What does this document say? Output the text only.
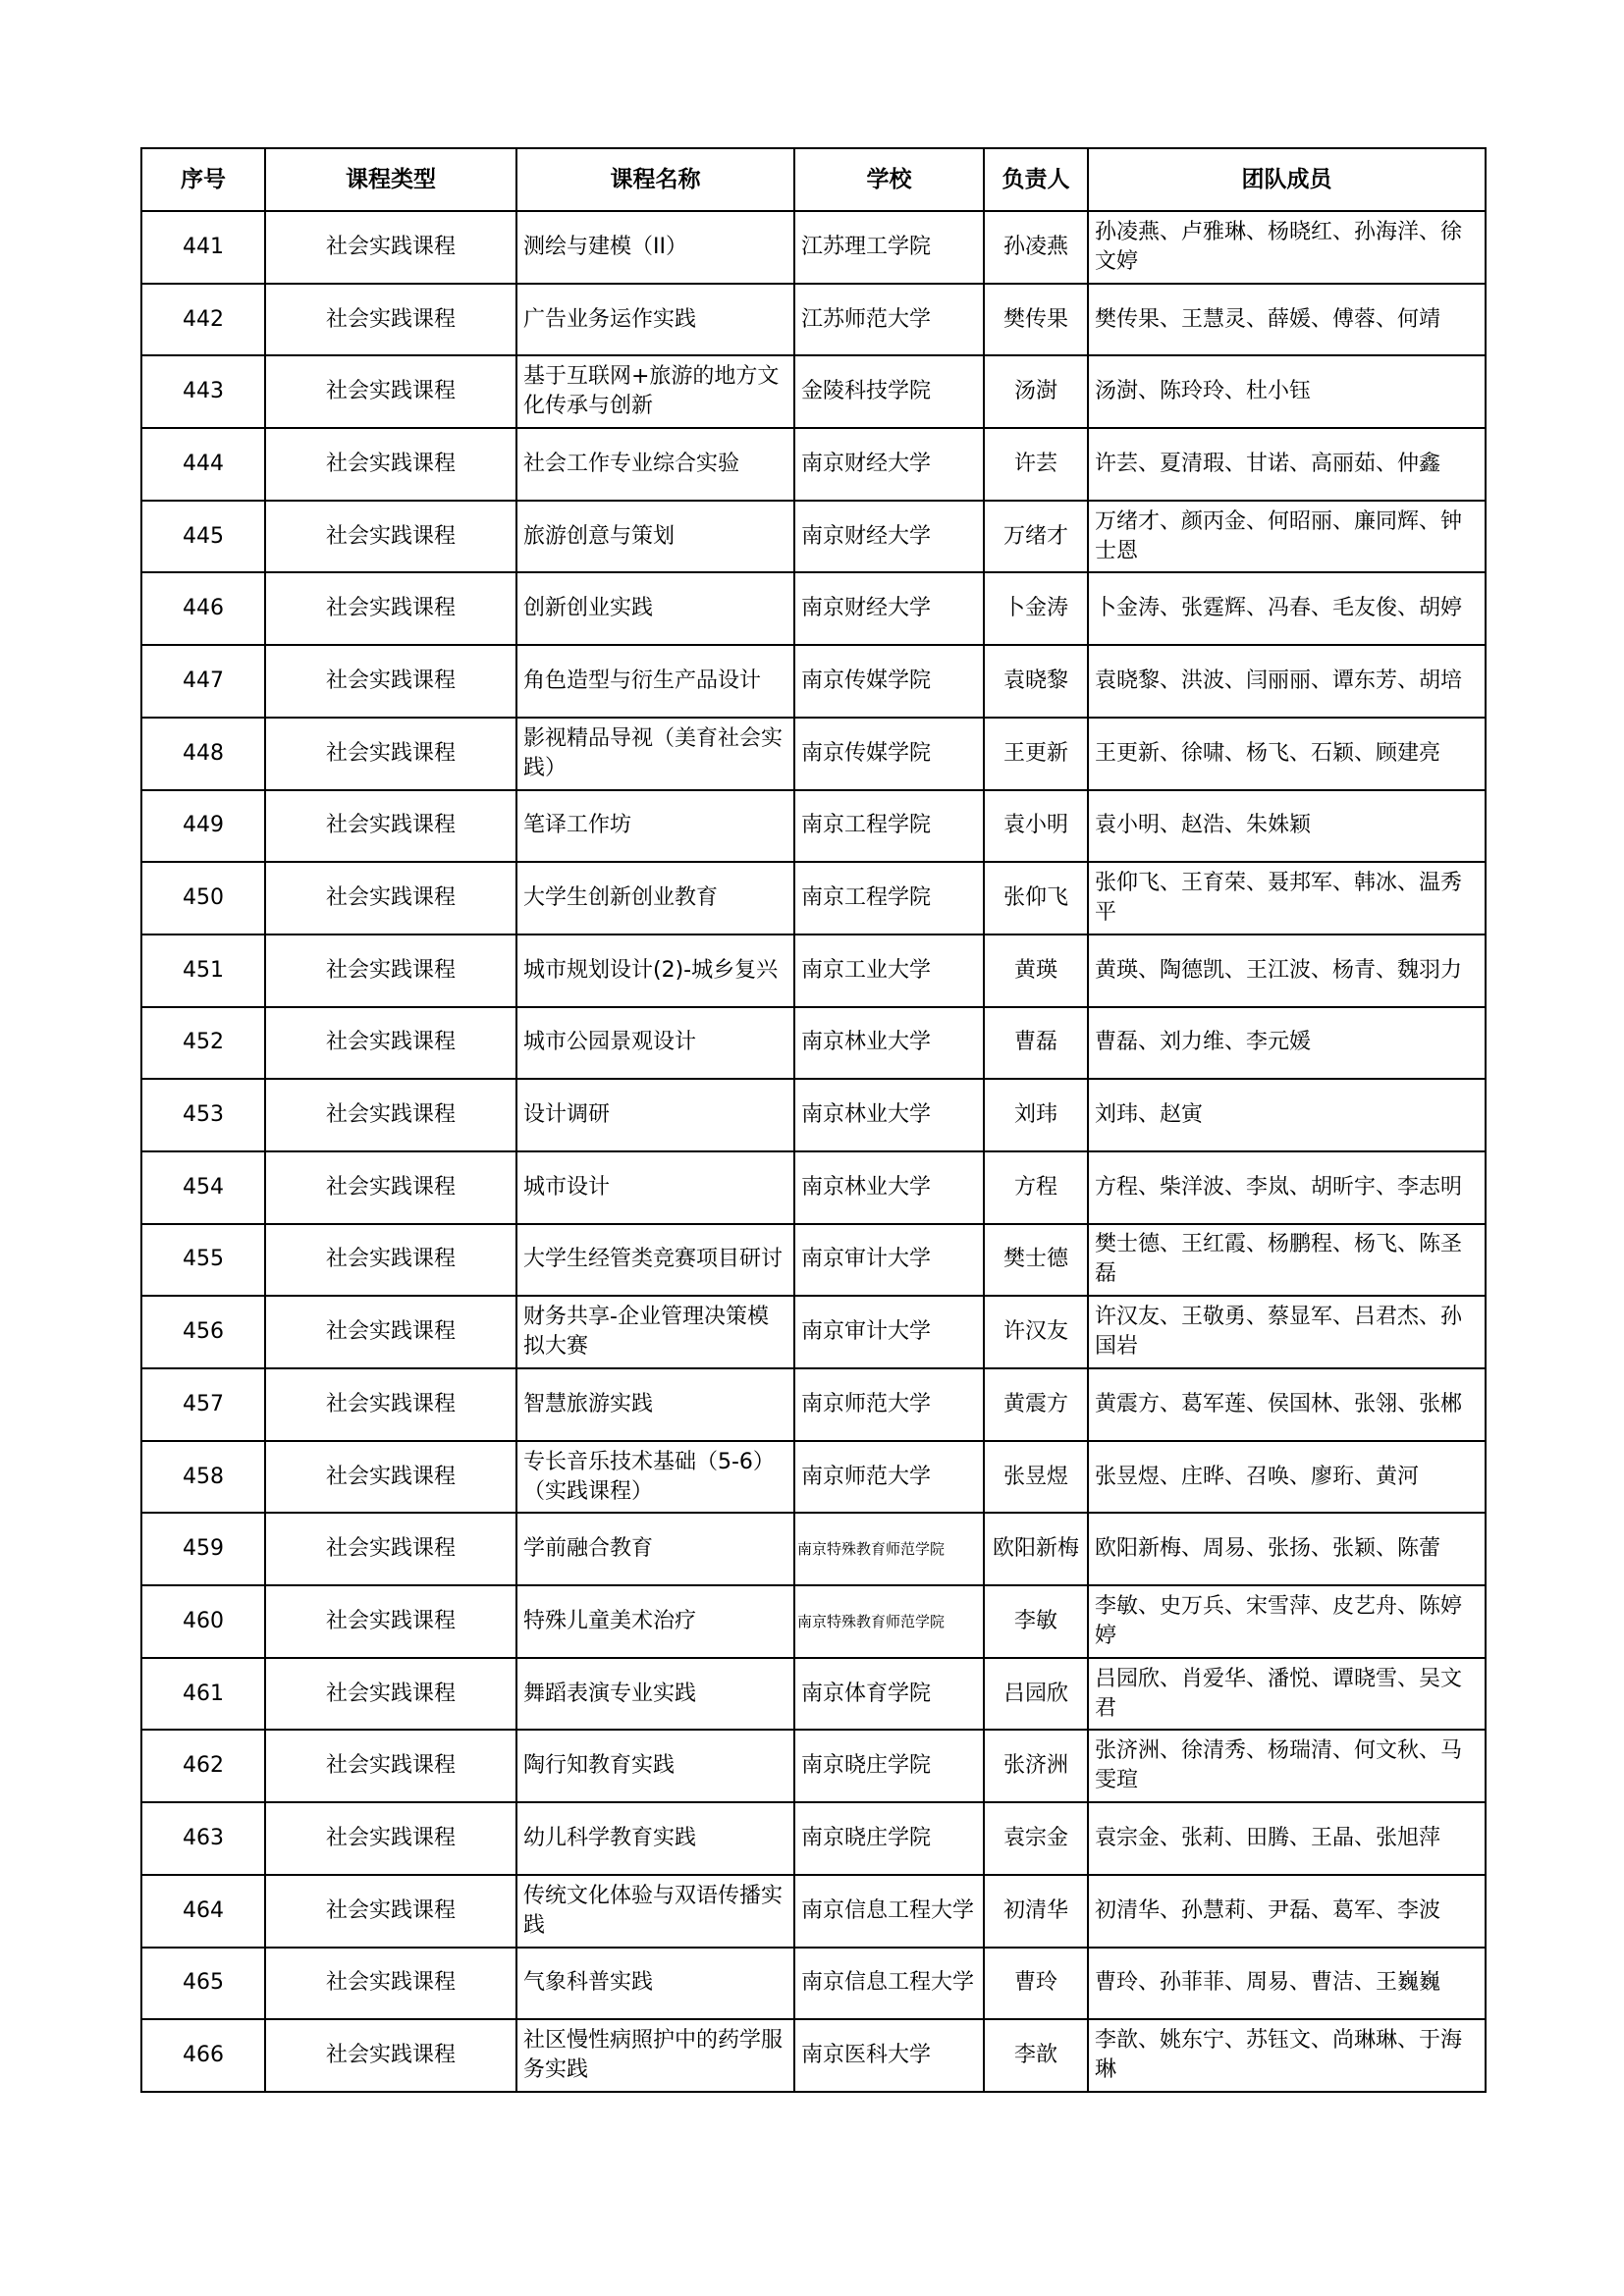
序号	课程类型	课程名称	学校	负责人	团队成员
441	社会实践课程	测绘与建模（II）	江苏理工学院	孙凌燕	孙凌燕、卢雅琳、杨晓红、孙海洋、徐文婷
442	社会实践课程	广告业务运作实践	江苏师范大学	樊传果	樊传果、王慧灵、薛媛、傅蓉、何靖
443	社会实践课程	基于互联网+旅游的地方文化传承与创新	金陵科技学院	汤澍	汤澍、陈玲玲、杜小钰
444	社会实践课程	社会工作专业综合实验	南京财经大学	许芸	许芸、夏清瑕、甘诺、高丽茹、仲鑫
445	社会实践课程	旅游创意与策划	南京财经大学	万绪才	万绪才、颜丙金、何昭丽、廉同辉、钟士恩
446	社会实践课程	创新创业实践	南京财经大学	卜金涛	卜金涛、张霆辉、冯春、毛友俊、胡婷
447	社会实践课程	角色造型与衍生产品设计	南京传媒学院	袁晓黎	袁晓黎、洪波、闫丽丽、谭东芳、胡培
448	社会实践课程	影视精品导视（美育社会实践）	南京传媒学院	王更新	王更新、徐啸、杨飞、石颖、顾建亮
449	社会实践课程	笔译工作坊	南京工程学院	袁小明	袁小明、赵浩、朱姝颖
450	社会实践课程	大学生创新创业教育	南京工程学院	张仰飞	张仰飞、王育荣、聂邦军、韩冰、温秀平
451	社会实践课程	城市规划设计(2)-城乡复兴	南京工业大学	黄瑛	黄瑛、陶德凯、王江波、杨青、魏羽力
452	社会实践课程	城市公园景观设计	南京林业大学	曹磊	曹磊、刘力维、李元媛
453	社会实践课程	设计调研	南京林业大学	刘玮	刘玮、赵寅
454	社会实践课程	城市设计	南京林业大学	方程	方程、柴洋波、李岚、胡昕宇、李志明
455	社会实践课程	大学生经管类竞赛项目研讨	南京审计大学	樊士德	樊士德、王红霞、杨鹏程、杨飞、陈圣磊
456	社会实践课程	财务共享-企业管理决策模拟大赛	南京审计大学	许汉友	许汉友、王敬勇、蔡显军、吕君杰、孙国岩
457	社会实践课程	智慧旅游实践	南京师范大学	黄震方	黄震方、葛军莲、侯国林、张翎、张郴
458	社会实践课程	专长音乐技术基础（5-6）（实践课程）	南京师范大学	张昱煜	张昱煜、庄晔、召唤、廖珩、黄河
459	社会实践课程	学前融合教育	南京特殊教育师范学院	欧阳新梅	欧阳新梅、周易、张扬、张颖、陈蕾
460	社会实践课程	特殊儿童美术治疗	南京特殊教育师范学院	李敏	李敏、史万兵、宋雪萍、皮艺舟、陈婷婷
461	社会实践课程	舞蹈表演专业实践	南京体育学院	吕园欣	吕园欣、肖爱华、潘悦、谭晓雪、吴文君
462	社会实践课程	陶行知教育实践	南京晓庄学院	张济洲	张济洲、徐清秀、杨瑞清、何文秋、马雯瑄
463	社会实践课程	幼儿科学教育实践	南京晓庄学院	袁宗金	袁宗金、张莉、田腾、王晶、张旭萍
464	社会实践课程	传统文化体验与双语传播实践	南京信息工程大学	初清华	初清华、孙慧莉、尹磊、葛军、李波
465	社会实践课程	气象科普实践	南京信息工程大学	曹玲	曹玲、孙菲菲、周易、曹洁、王巍巍
466	社会实践课程	社区慢性病照护中的药学服务实践	南京医科大学	李歆	李歆、姚东宁、苏钰文、尚琳琳、于海琳
